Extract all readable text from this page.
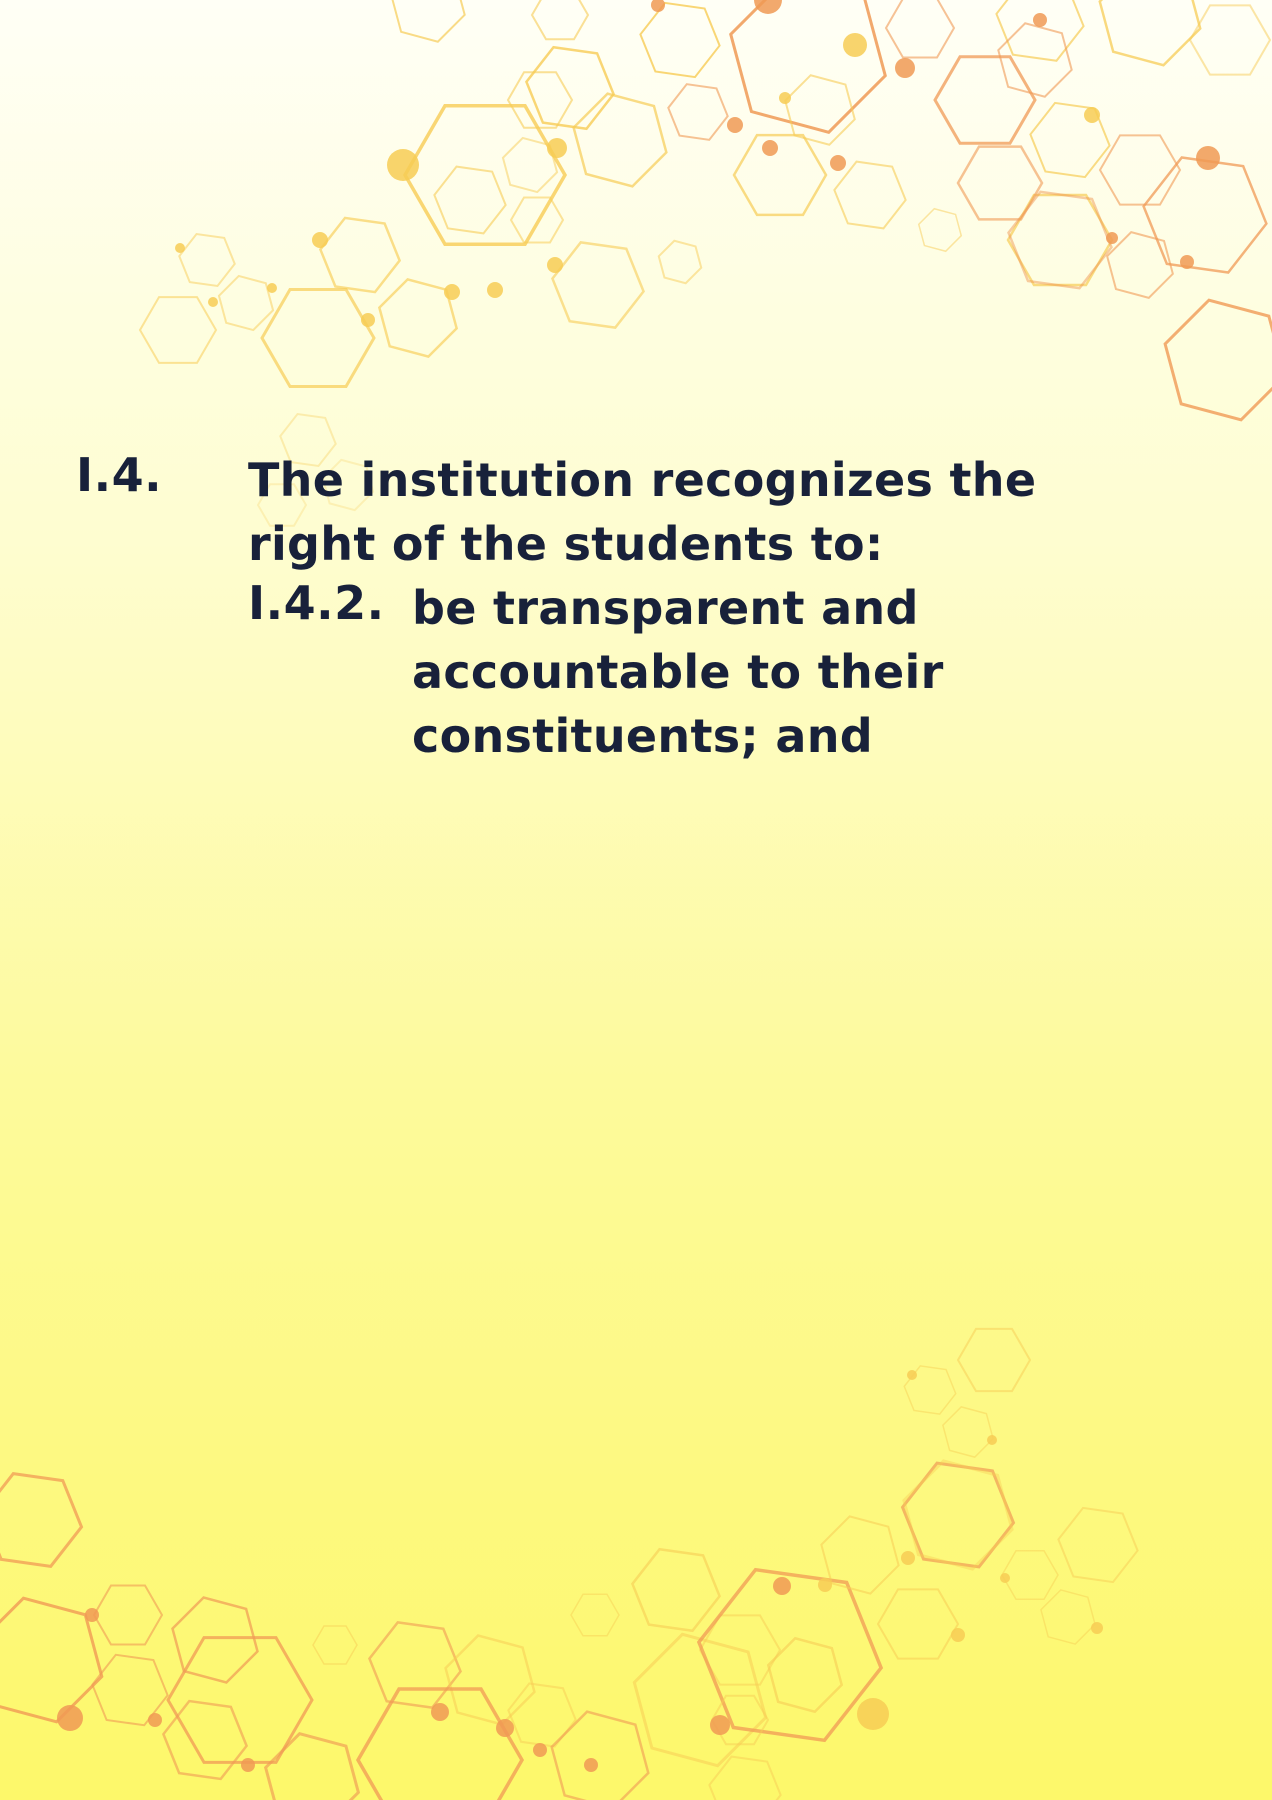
I.4. The institution recognizes the right of the students to:
I.4.2. be transparent and accountable to their constituents; and
